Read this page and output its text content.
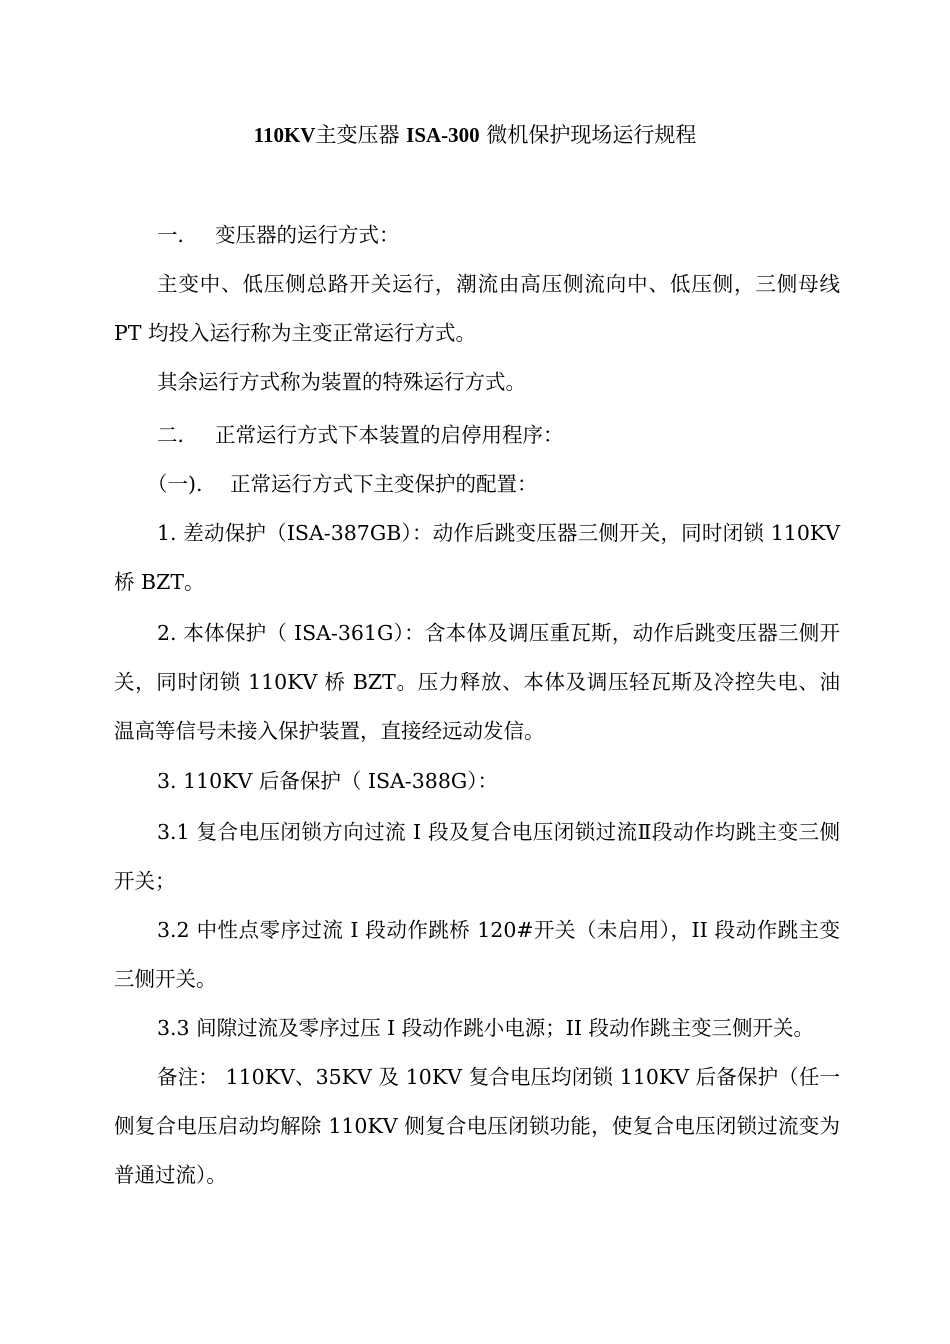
110KV主变压器 ISA-300 微机保护现场运行规程
一． 变压器的运行方式：

主变中、低压侧总路开关运行，潮流由高压侧流向中、低压侧，三侧母线 PT 均投入运行称为主变正常运行方式。

其余运行方式称为装置的特殊运行方式。

二． 正常运行方式下本装置的启停用程序：
（一). 正常运行方式下主变保护的配置：

1. 差动保护（ISA-387GB）：动作后跳变压器三侧开关，同时闭锁 110KV 桥 BZT。

2. 本体保护（ ISA-361G）：含本体及调压重瓦斯，动作后跳变压器三侧开关，同时闭锁 110KV 桥 BZT。压力释放、本体及调压轻瓦斯及冷控失电、油温高等信号未接入保护装置，直接经远动发信。

3. 110KV 后备保护（ ISA-388G）：

3.1 复合电压闭锁方向过流 I 段及复合电压闭锁过流Ⅱ段动作均跳主变三侧开关；

3.2 中性点零序过流 I 段动作跳桥 120#开关（未启用），II 段动作跳主变三侧开关。

3.3 间隙过流及零序过压 I 段动作跳小电源；II 段动作跳主变三侧开关。

备注： 110KV、35KV 及 10KV 复合电压均闭锁 110KV 后备保护（任一侧复合电压启动均解除 110KV 侧复合电压闭锁功能，使复合电压闭锁过流变为普通过流）。
